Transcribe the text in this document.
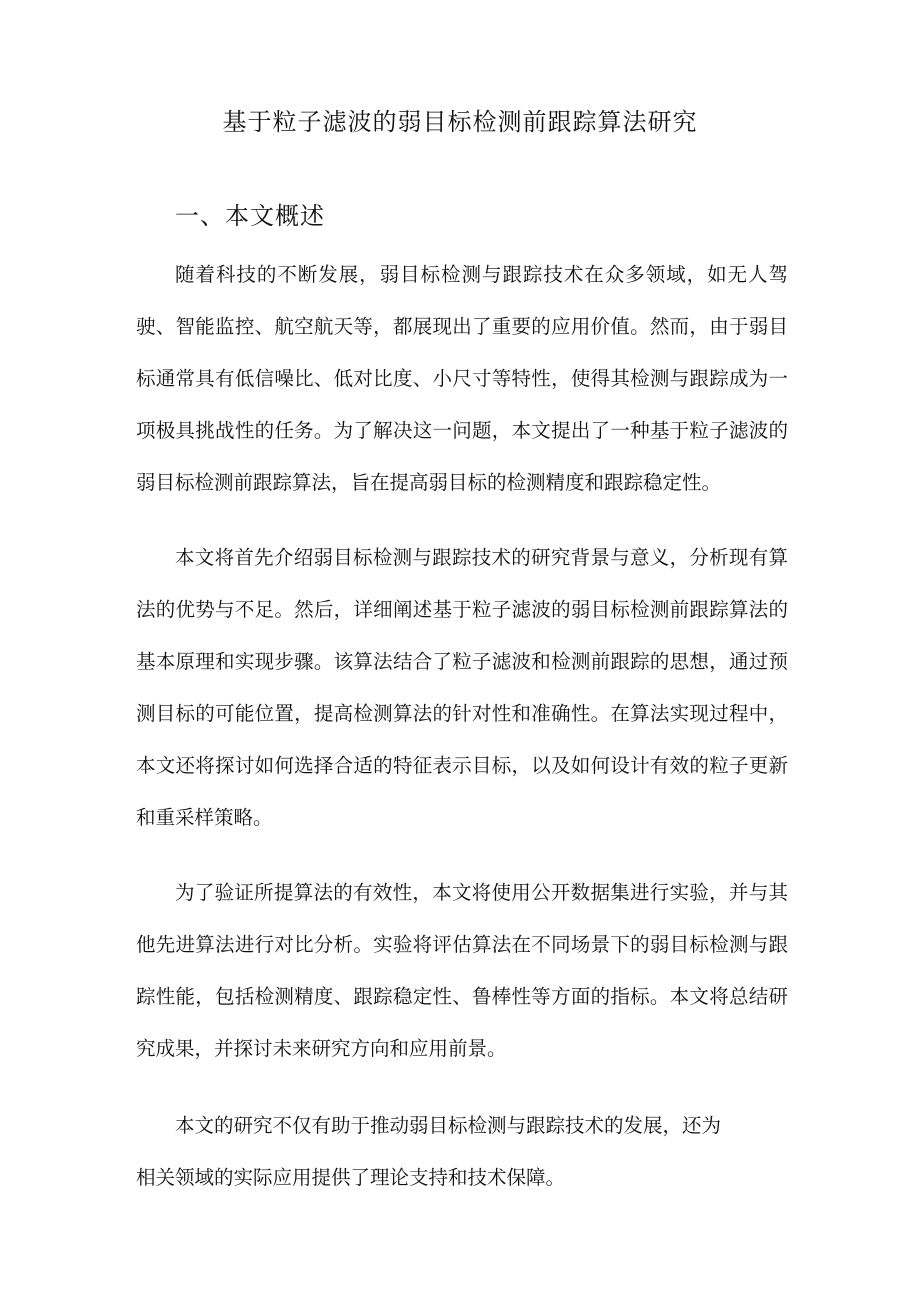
基于粒子滤波的弱目标检测前跟踪算法研究
一、本文概述

随着科技的不断发展，弱目标检测与跟踪技术在众多领域，如无人驾驶、智能监控、航空航天等，都展现出了重要的应用价值。然而，由于弱目标通常具有低信噪比、低对比度、小尺寸等特性，使得其检测与跟踪成为一项极具挑战性的任务。为了解决这一问题，本文提出了一种基于粒子滤波的弱目标检测前跟踪算法，旨在提高弱目标的检测精度和跟踪稳定性。

本文将首先介绍弱目标检测与跟踪技术的研究背景与意义，分析现有算法的优势与不足。然后，详细阐述基于粒子滤波的弱目标检测前跟踪算法的基本原理和实现步骤。该算法结合了粒子滤波和检测前跟踪的思想，通过预测目标的可能位置，提高检测算法的针对性和准确性。在算法实现过程中，本文还将探讨如何选择合适的特征表示目标，以及如何设计有效的粒子更新和重采样策略。

为了验证所提算法的有效性，本文将使用公开数据集进行实验，并与其他先进算法进行对比分析。实验将评估算法在不同场景下的弱目标检测与跟踪性能，包括检测精度、跟踪稳定性、鲁棒性等方面的指标。本文将总结研究成果，并探讨未来研究方向和应用前景。

本文的研究不仅有助于推动弱目标检测与跟踪技术的发展，还为

相关领域的实际应用提供了理论支持和技术保障。
